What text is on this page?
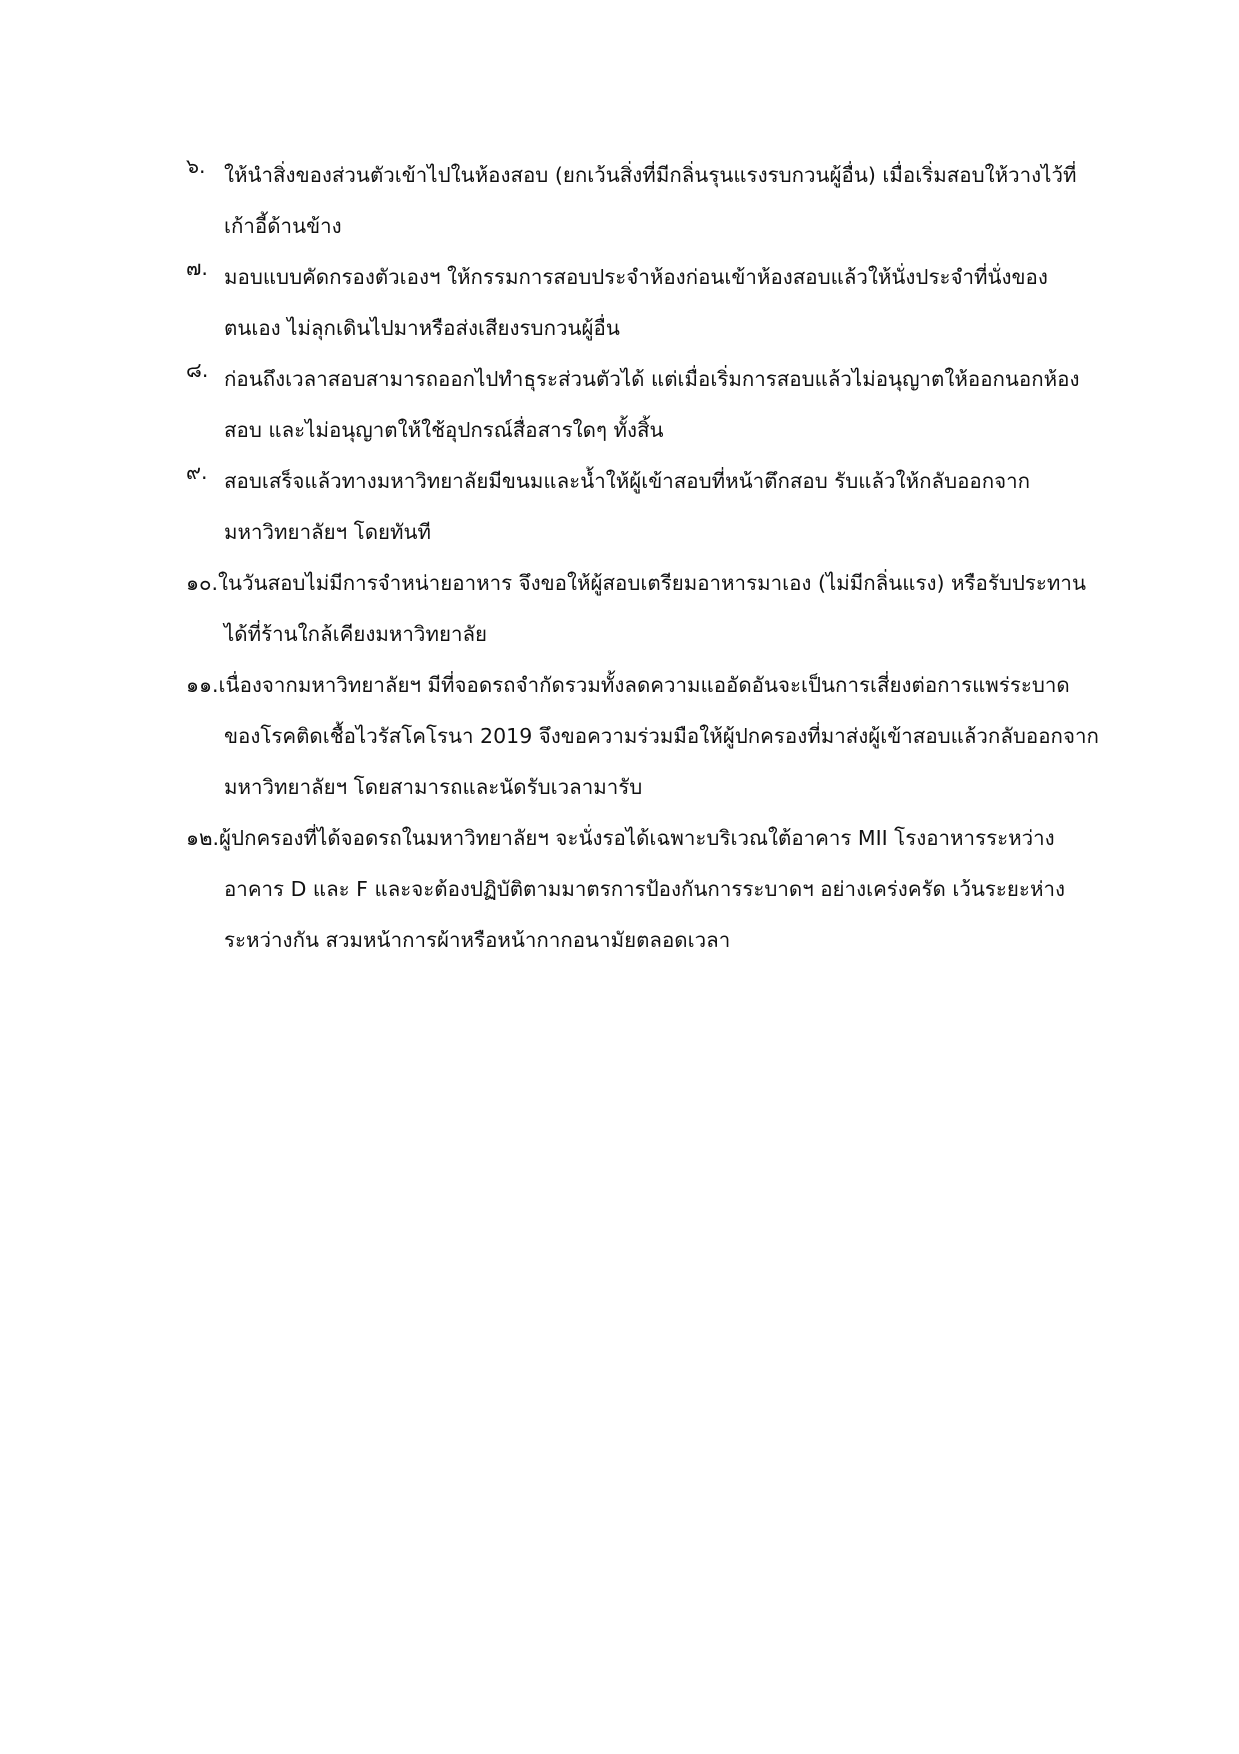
๖. ให้นำสิ่งของส่วนตัวเข้าไปในห้องสอบ (ยกเว้นสิ่งที่มีกลิ่นรุนแรงรบกวนผู้อื่น) เมื่อเริ่มสอบให้วางไว้ที่
เก้าอี้ด้านข้าง
๗. มอบแบบคัดกรองตัวเองฯ ให้กรรมการสอบประจำห้องก่อนเข้าห้องสอบแล้วให้นั่งประจำที่นั่งของ
ตนเอง ไม่ลุกเดินไปมาหรือส่งเสียงรบกวนผู้อื่น
๘. ก่อนถึงเวลาสอบสามารถออกไปทำธุระส่วนตัวได้ แต่เมื่อเริ่มการสอบแล้วไม่อนุญาตให้ออกนอกห้อง
สอบ และไม่อนุญาตให้ใช้อุปกรณ์สื่อสารใดๆ ทั้งสิ้น
๙. สอบเสร็จแล้วทางมหาวิทยาลัยมีขนมและน้ำให้ผู้เข้าสอบที่หน้าตึกสอบ รับแล้วให้กลับออกจาก
มหาวิทยาลัยฯ โดยทันที
๑๐.ในวันสอบไม่มีการจำหน่ายอาหาร จึงขอให้ผู้สอบเตรียมอาหารมาเอง (ไม่มีกลิ่นแรง) หรือรับประทาน
ได้ที่ร้านใกล้เคียงมหาวิทยาลัย
๑๑.เนื่องจากมหาวิทยาลัยฯ มีที่จอดรถจำกัดรวมทั้งลดความแออัดอันจะเป็นการเสี่ยงต่อการแพร่ระบาด
ของโรคติดเชื้อไวรัสโคโรนา 2019 จึงขอความร่วมมือให้ผู้ปกครองที่มาส่งผู้เข้าสอบแล้วกลับออกจาก
มหาวิทยาลัยฯ โดยสามารถและนัดรับเวลามารับ
๑๒.ผู้ปกครองที่ได้จอดรถในมหาวิทยาลัยฯ จะนั่งรอได้เฉพาะบริเวณใต้อาคาร MII โรงอาหารระหว่าง
อาคาร D และ F และจะต้องปฏิบัติตามมาตรการป้องกันการระบาดฯ อย่างเคร่งครัด เว้นระยะห่าง
ระหว่างกัน สวมหน้าการผ้าหรือหน้ากากอนามัยตลอดเวลา
